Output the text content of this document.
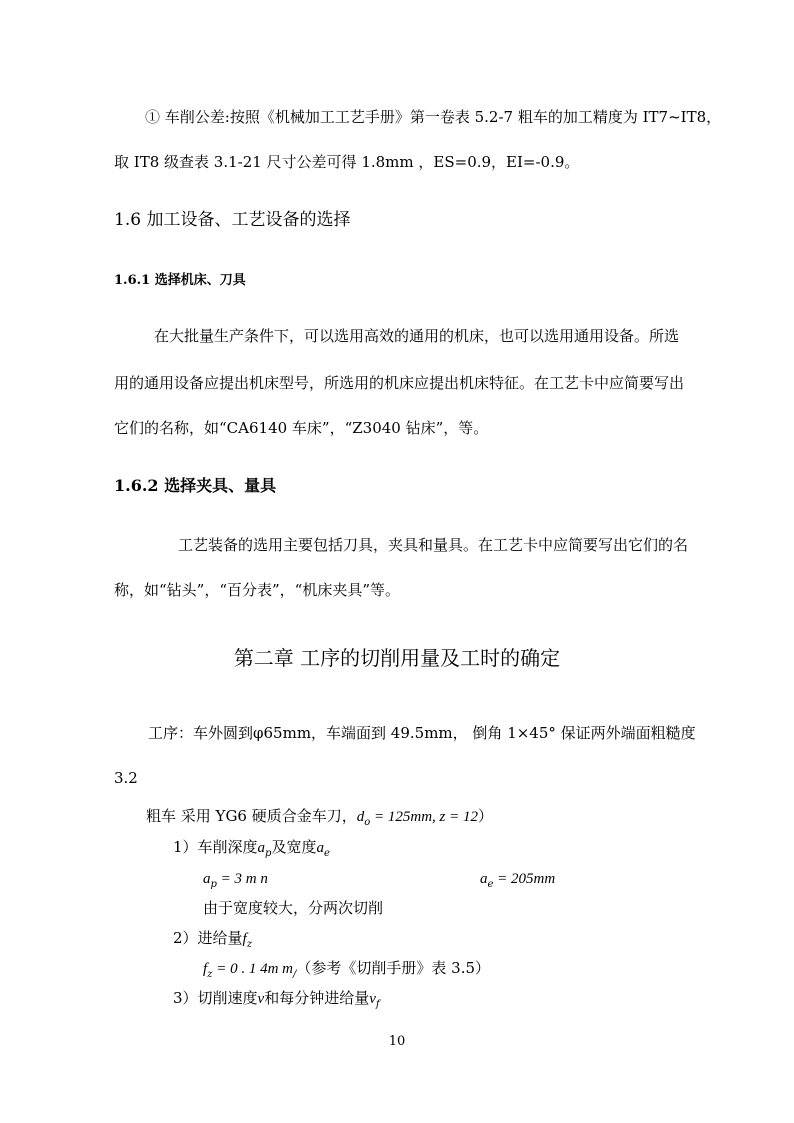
① 车削公差:按照《机械加工工艺手册》第一卷表 5.2-7 粗车的加工精度为 IT7~IT8，
取 IT8 级查表 3.1-21 尺寸公差可得 1.8mm ，ES=0.9，EI=-0.9。
1.6 加工设备、工艺设备的选择
1.6.1 选择机床、刀具
在大批量生产条件下，可以选用高效的通用的机床，也可以选用通用设备。所选
用的通用设备应提出机床型号，所选用的机床应提出机床特征。在工艺卡中应简要写出
它们的名称，如“CA6140 车床”，“Z3040 钻床”，等。
1.6.2 选择夹具、量具
工艺装备的选用主要包括刀具，夹具和量具。在工艺卡中应简要写出它们的名
称，如“钻头”，“百分表”，“机床夹具”等。
第二章 工序的切削用量及工时的确定
工序：车外圆到φ65mm，车端面到 49.5mm， 倒角 1×45° 保证两外端面粗糙度
3.2
粗车 采用 YG6 硬质合金车刀，$d_o = 125mm$, z = 12）
1）车削深度$a_p$及宽度$a_e$
$a_p = 3$ m n	$a_e = 205mm$
由于宽度较大，分两次切削
2）进给量$f_z$
$f_z = 0$ . 1 4m $m_/$（参考《切削手册》表 3.5）
3）切削速度v和每分钟进给量$v_f$
10
